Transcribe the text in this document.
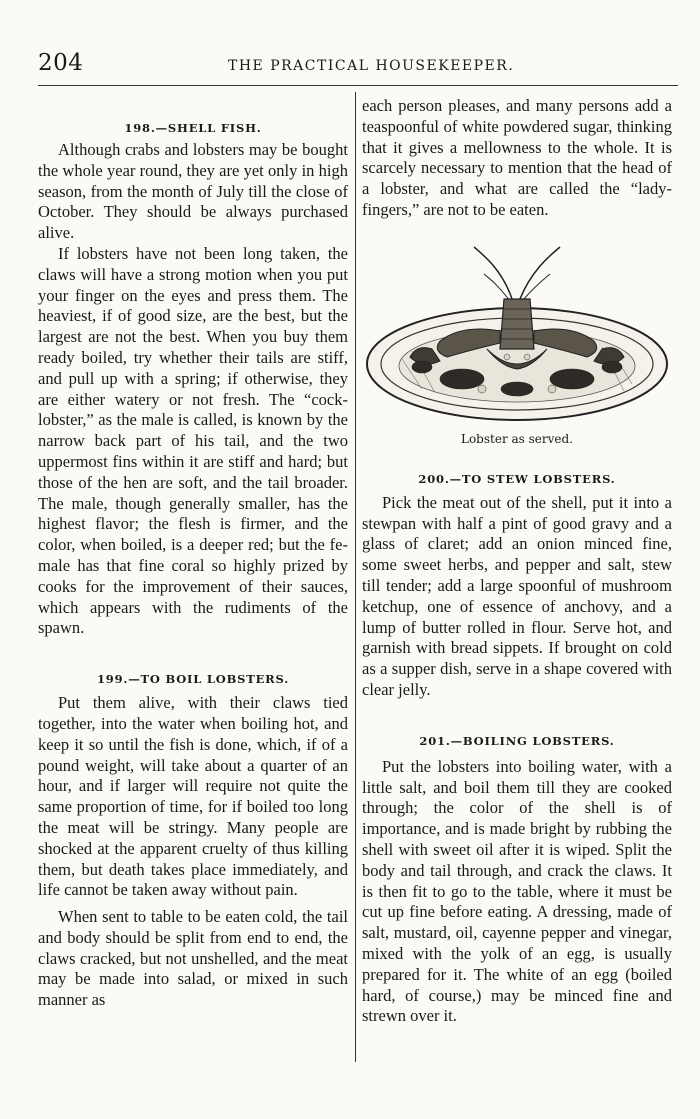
204	THE PRACTICAL HOUSEKEEPER.
198.—SHELL FISH.

Although crabs and lobsters may be bought the whole year round, they are yet only in high season, from the month of July till the close of October. They should be always purchased alive.

If lobsters have not been long taken, the claws will have a strong motion when you put your finger on the eyes and press them. The heaviest, if of good size, are the best, but the largest are not the best. When you buy them ready boiled, try whether their tails are stiff, and pull up with a spring; if otherwise, they are either watery or not fresh. The “cock-lobster,” as the male is called, is known by the narrow back part of his tail, and the two uppermost fins within it are stiff and hard; but those of the hen are soft, and the tail broader. The male, though generally smaller, has the highest flavor; the flesh is firmer, and the color, when boiled, is a deeper red; but the female has that fine coral so highly prized by cooks for the improvement of their sauces, which appears with the rudiments of the spawn.

199.—TO BOIL LOBSTERS.

Put them alive, with their claws tied together, into the water when boiling hot, and keep it so until the fish is done, which, if of a pound weight, will take about a quarter of an hour, and if larger will require not quite the same proportion of time, for if boiled too long the meat will be stringy. Many people are shocked at the apparent cruelty of thus killing them, but death takes place immediately, and life cannot be taken away without pain.

When sent to table to be eaten cold, the tail and body should be split from end to end, the claws cracked, but not unshelled, and the meat may be made into salad, or mixed in such manner as

each person pleases, and many persons add a teaspoonful of white powdered sugar, thinking that it gives a mellowness to the whole. It is scarcely necessary to mention that the head of a lobster, and what are called the “lady-fingers,” are not to be eaten.

Lobster as served.

200.—TO STEW LOBSTERS.

Pick the meat out of the shell, put it into a stewpan with half a pint of good gravy and a glass of claret; add an onion minced fine, some sweet herbs, and pepper and salt, stew till tender; add a large spoonful of mushroom ketchup, one of essence of anchovy, and a lump of butter rolled in flour. Serve hot, and garnish with bread sippets. If brought on cold as a supper dish, serve in a shape covered with clear jelly.

201.—BOILING LOBSTERS.

Put the lobsters into boiling water, with a little salt, and boil them till they are cooked through; the color of the shell is of importance, and is made bright by rubbing the shell with sweet oil after it is wiped. Split the body and tail through, and crack the claws. It is then fit to go to the table, where it must be cut up fine before eating. A dressing, made of salt, mustard, oil, cayenne pepper and vinegar, mixed with the yolk of an egg, is usually prepared for it. The white of an egg (boiled hard, of course,) may be minced fine and strewn over it.
